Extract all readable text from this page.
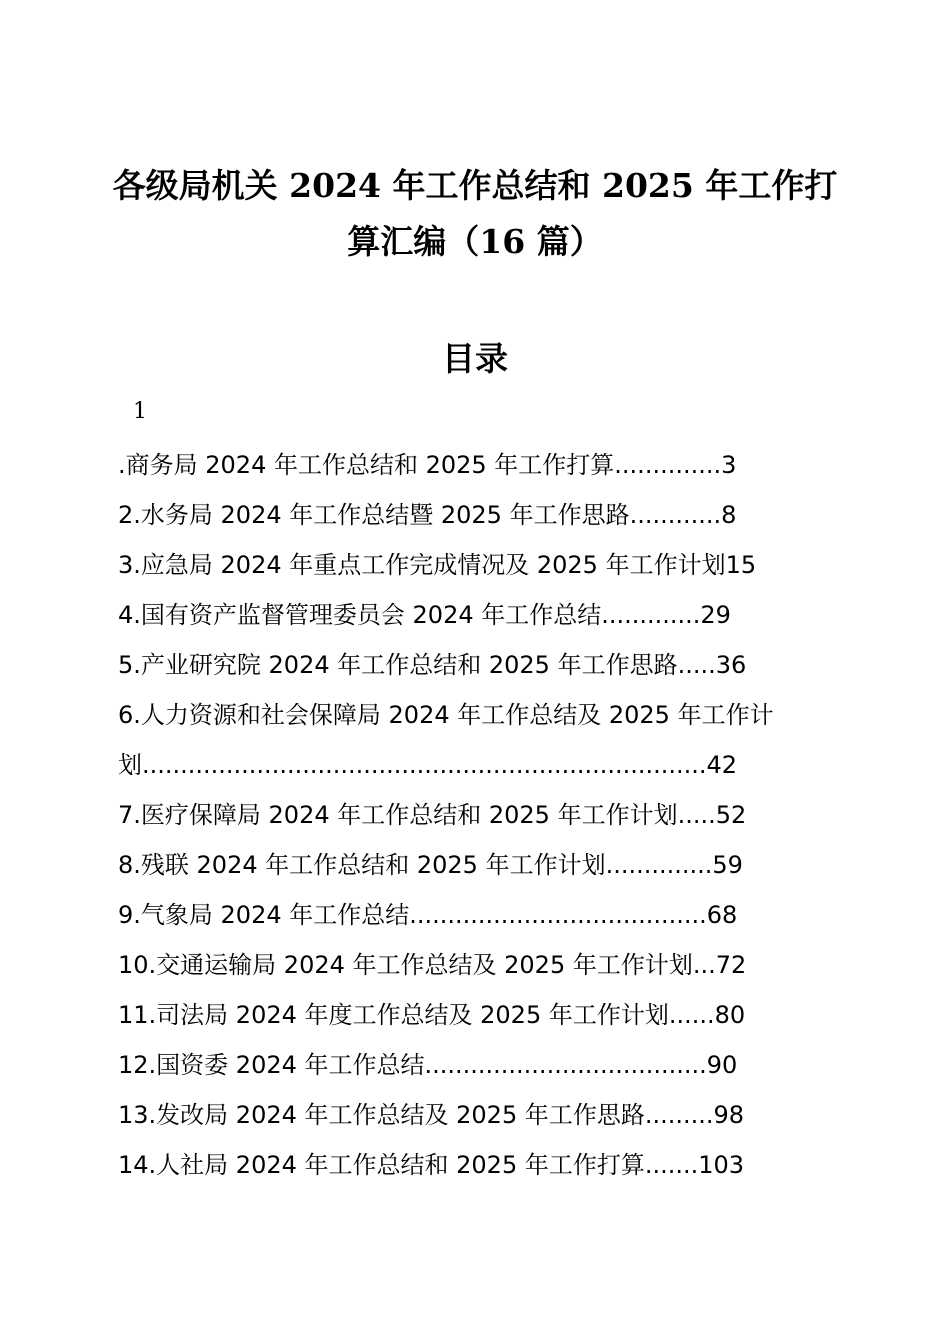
各级局机关 2024 年工作总结和 2025 年工作打
算汇编（16 篇）
目录
1
.商务局 2024 年工作总结和 2025 年工作打算..............3
2.水务局 2024 年工作总结暨 2025 年工作思路............8
3.应急局 2024 年重点工作完成情况及 2025 年工作计划15
4.国有资产监督管理委员会 2024 年工作总结.............29
5.产业研究院 2024 年工作总结和 2025 年工作思路.....36
6.人力资源和社会保障局 2024 年工作总结及 2025 年工作计
划..........................................................................42
7.医疗保障局 2024 年工作总结和 2025 年工作计划.....52
8.残联 2024 年工作总结和 2025 年工作计划..............59
9.气象局 2024 年工作总结.......................................68
10.交通运输局 2024 年工作总结及 2025 年工作计划...72
11.司法局 2024 年度工作总结及 2025 年工作计划......80
12.国资委 2024 年工作总结.....................................90
13.发改局 2024 年工作总结及 2025 年工作思路.........98
14.人社局 2024 年工作总结和 2025 年工作打算.......103
